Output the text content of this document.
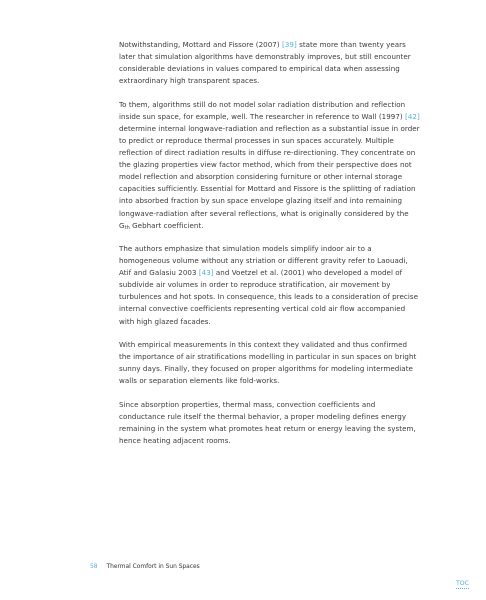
Notwithstanding, Mottard and Fissore (2007) [39] state more than twenty years later that simulation algorithms have demonstrably improves, but still encounter considerable deviations in values compared to empirical data when assessing extraordinary high transparent spaces.

To them, algorithms still do not model solar radiation distribution and reflection inside sun space, for example, well. The researcher in reference to Wall (1997) [42] determine internal longwave-radiation and reflection as a substantial issue in order to predict or reproduce thermal processes in sun spaces accurately. Multiple reflection of direct radiation results in diffuse re-directioning. They concentrate on the glazing properties view factor method, which from their perspective does not model reflection and absorption considering furniture or other internal storage capacities sufficiently. Essential for Mottard and Fissore is the splitting of radiation into absorbed fraction by sun space envelope glazing itself and into remaining longwave-radiation after several reflections, what is originally considered by the $G_{th}$ Gebhart coefficient.

The authors emphasize that simulation models simplify indoor air to a homogeneous volume without any striation or different gravity refer to Laouadi, Atif and Galasiu 2003 [43] and Voetzel et al. (2001) who developed a model of subdivide air volumes in order to reproduce stratification, air movement by turbulences and hot spots. In consequence, this leads to a consideration of precise internal convective coefficients representing vertical cold air flow accompanied with high glazed facades.

With empirical measurements in this context they validated and thus confirmed the importance of air stratifications modelling in particular in sun spaces on bright sunny days. Finally, they focused on proper algorithms for modeling intermediate walls or separation elements like fold-works.

Since absorption properties, thermal mass, convection coefficients and conductance rule itself the thermal behavior, a proper modeling defines energy remaining in the system what promotes heat return or energy leaving the system, hence heating adjacent rooms.

58 Thermal Comfort in Sun Spaces
TOC
